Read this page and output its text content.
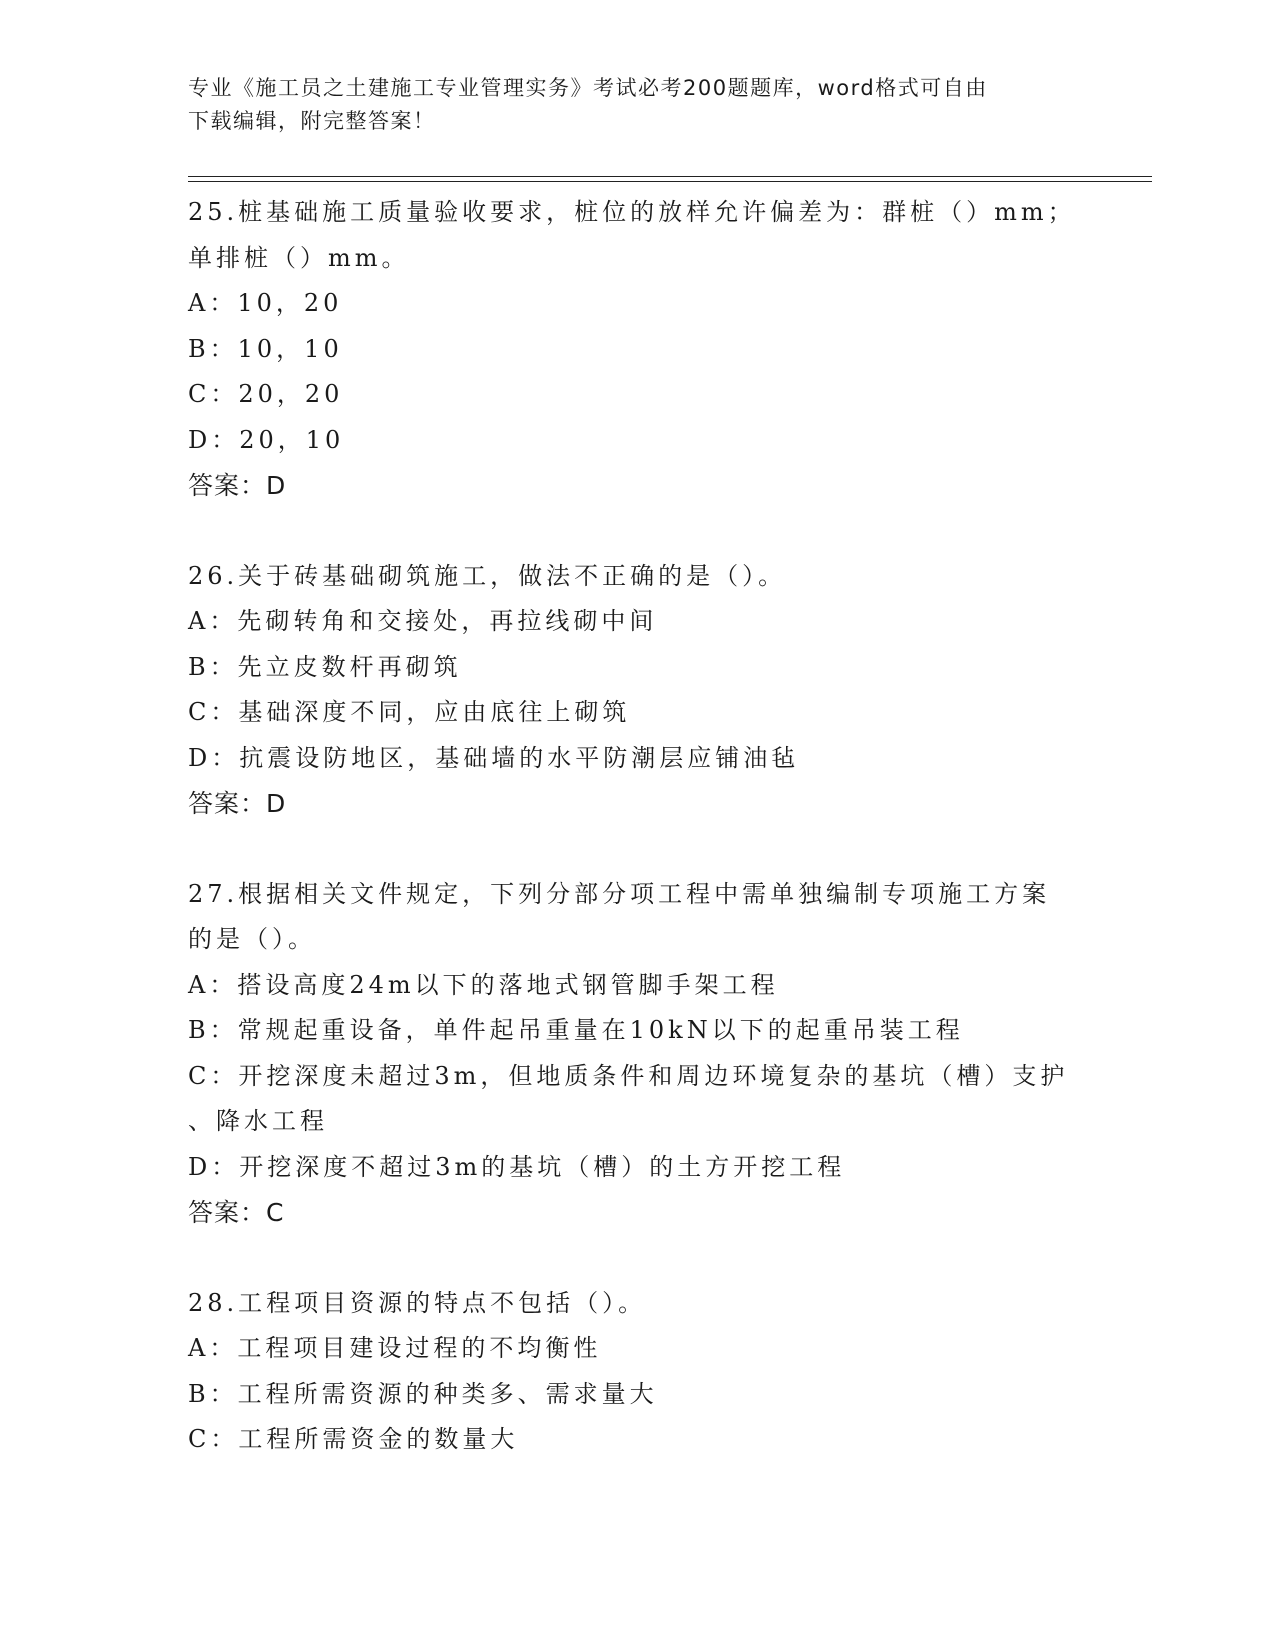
专业《施工员之土建施工专业管理实务》考试必考200题题库，word格式可自由
下载编辑，附完整答案！
25.桩基础施工质量验收要求，桩位的放样允许偏差为：群桩（）mm；
单排桩（）mm。
A：10，20
B：10，10
C：20，20
D：20，10
答案：D
26.关于砖基础砌筑施工，做法不正确的是（）。
A：先砌转角和交接处，再拉线砌中间
B：先立皮数杆再砌筑
C：基础深度不同，应由底往上砌筑
D：抗震设防地区，基础墙的水平防潮层应铺油毡
答案：D
27.根据相关文件规定，下列分部分项工程中需单独编制专项施工方案
的是（）。
A：搭设高度24m以下的落地式钢管脚手架工程
B：常规起重设备，单件起吊重量在10kN以下的起重吊装工程
C：开挖深度未超过3m，但地质条件和周边环境复杂的基坑（槽）支护
、降水工程
D：开挖深度不超过3m的基坑（槽）的土方开挖工程
答案：C
28.工程项目资源的特点不包括（）。
A：工程项目建设过程的不均衡性
B：工程所需资源的种类多、需求量大
C：工程所需资金的数量大
